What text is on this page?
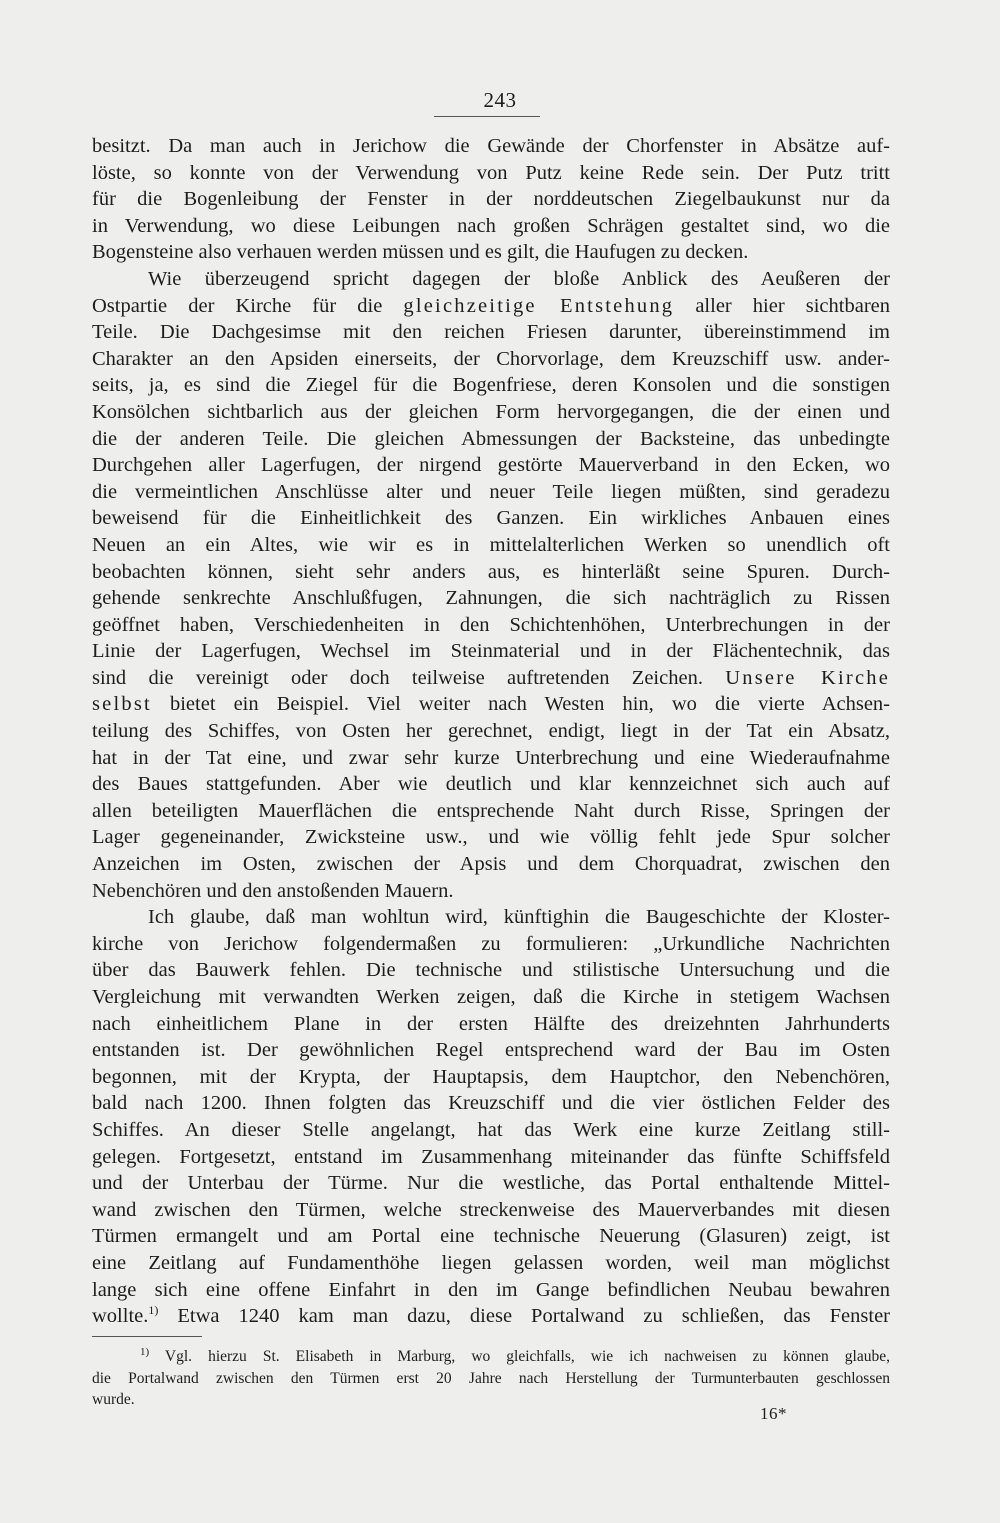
243
besitzt. Da man auch in Jerichow die Gewände der Chorfenster in Absätze auf-
löste, so konnte von der Verwendung von Putz keine Rede sein. Der Putz tritt
für die Bogenleibung der Fenster in der norddeutschen Ziegelbaukunst nur da
in Verwendung, wo diese Leibungen nach großen Schrägen gestaltet sind, wo die
Bogensteine also verhauen werden müssen und es gilt, die Haufugen zu decken.
Wie überzeugend spricht dagegen der bloße Anblick des Aeußeren der
Ostpartie der Kirche für die gleichzeitige Entstehung aller hier sichtbaren
Teile. Die Dachgesimse mit den reichen Friesen darunter, übereinstimmend im
Charakter an den Apsiden einerseits, der Chorvorlage, dem Kreuzschiff usw. ander-
seits, ja, es sind die Ziegel für die Bogenfriese, deren Konsolen und die sonstigen
Konsölchen sichtbarlich aus der gleichen Form hervorgegangen, die der einen und
die der anderen Teile. Die gleichen Abmessungen der Backsteine, das unbedingte
Durchgehen aller Lagerfugen, der nirgend gestörte Mauerverband in den Ecken, wo
die vermeintlichen Anschlüsse alter und neuer Teile liegen müßten, sind geradezu
beweisend für die Einheitlichkeit des Ganzen. Ein wirkliches Anbauen eines
Neuen an ein Altes, wie wir es in mittelalterlichen Werken so unendlich oft
beobachten können, sieht sehr anders aus, es hinterläßt seine Spuren. Durch-
gehende senkrechte Anschlußfugen, Zahnungen, die sich nachträglich zu Rissen
geöffnet haben, Verschiedenheiten in den Schichtenhöhen, Unterbrechungen in der
Linie der Lagerfugen, Wechsel im Steinmaterial und in der Flächentechnik, das
sind die vereinigt oder doch teilweise auftretenden Zeichen. Unsere Kirche
selbst bietet ein Beispiel. Viel weiter nach Westen hin, wo die vierte Achsen-
teilung des Schiffes, von Osten her gerechnet, endigt, liegt in der Tat ein Absatz,
hat in der Tat eine, und zwar sehr kurze Unterbrechung und eine Wiederaufnahme
des Baues stattgefunden. Aber wie deutlich und klar kennzeichnet sich auch auf
allen beteiligten Mauerflächen die entsprechende Naht durch Risse, Springen der
Lager gegeneinander, Zwicksteine usw., und wie völlig fehlt jede Spur solcher
Anzeichen im Osten, zwischen der Apsis und dem Chorquadrat, zwischen den
Nebenchören und den anstoßenden Mauern.
Ich glaube, daß man wohltun wird, künftighin die Baugeschichte der Kloster-
kirche von Jerichow folgendermaßen zu formulieren: „Urkundliche Nachrichten
über das Bauwerk fehlen. Die technische und stilistische Untersuchung und die
Vergleichung mit verwandten Werken zeigen, daß die Kirche in stetigem Wachsen
nach einheitlichem Plane in der ersten Hälfte des dreizehnten Jahrhunderts
entstanden ist. Der gewöhnlichen Regel entsprechend ward der Bau im Osten
begonnen, mit der Krypta, der Hauptapsis, dem Hauptchor, den Nebenchören,
bald nach 1200. Ihnen folgten das Kreuzschiff und die vier östlichen Felder des
Schiffes. An dieser Stelle angelangt, hat das Werk eine kurze Zeitlang still-
gelegen. Fortgesetzt, entstand im Zusammenhang miteinander das fünfte Schiffsfeld
und der Unterbau der Türme. Nur die westliche, das Portal enthaltende Mittel-
wand zwischen den Türmen, welche streckenweise des Mauerverbandes mit diesen
Türmen ermangelt und am Portal eine technische Neuerung (Glasuren) zeigt, ist
eine Zeitlang auf Fundamenthöhe liegen gelassen worden, weil man möglichst
lange sich eine offene Einfahrt in den im Gange befindlichen Neubau bewahren
wollte.$^{1)}$ Etwa 1240 kam man dazu, diese Portalwand zu schließen, das Fenster
$^{1)}$ Vgl. hierzu St. Elisabeth in Marburg, wo gleichfalls, wie ich nachweisen zu können glaube,
die Portalwand zwischen den Türmen erst 20 Jahre nach Herstellung der Turmunterbauten geschlossen
wurde.
16*
